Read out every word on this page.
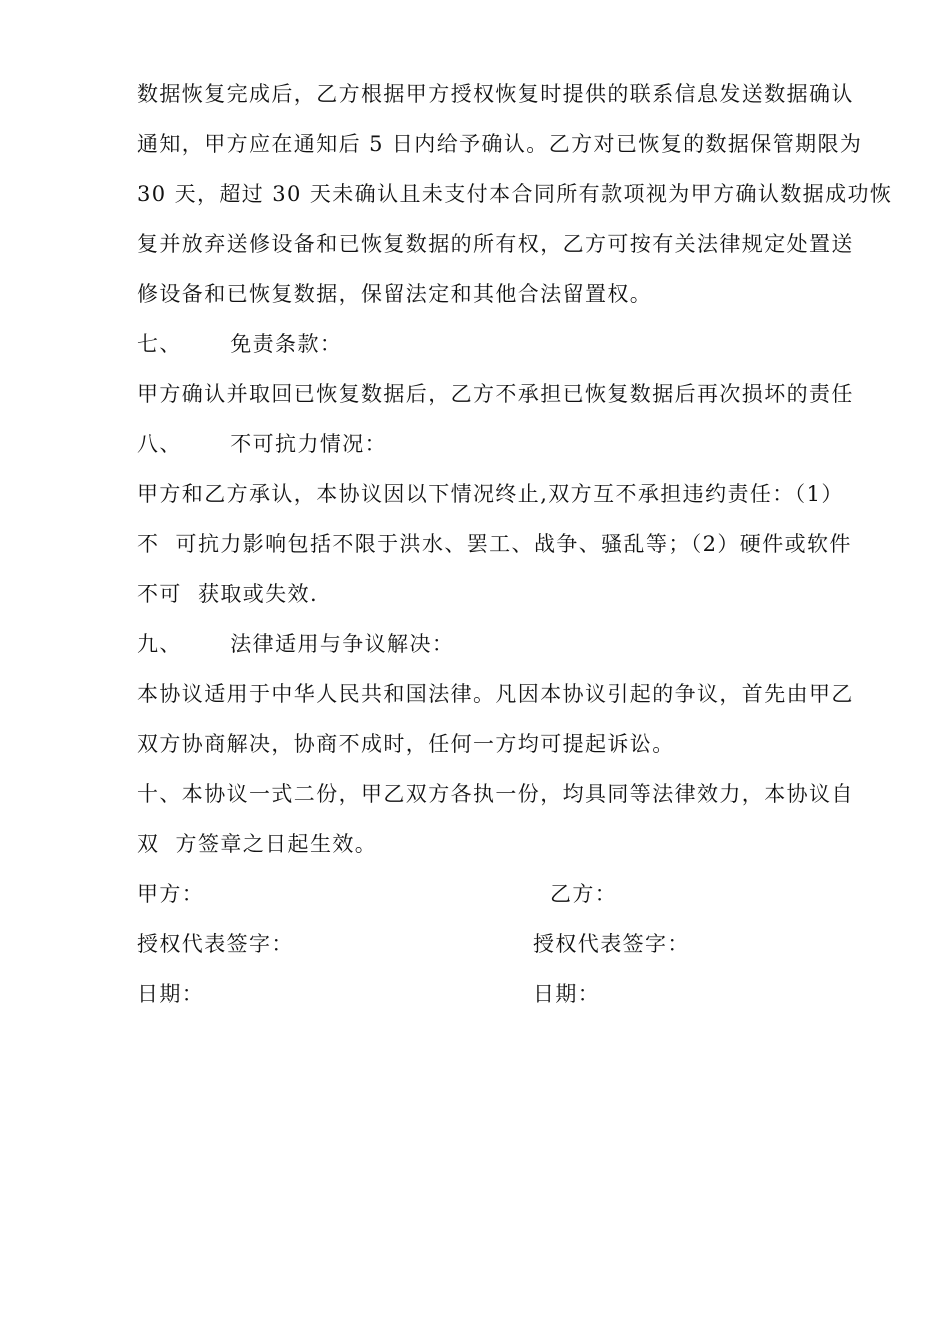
数据恢复完成后，乙方根据甲方授权恢复时提供的联系信息发送数据确认
通知，甲方应在通知后 5 日内给予确认。乙方对已恢复的数据保管期限为
30 天，超过 30 天未确认且未支付本合同所有款项视为甲方确认数据成功恢
复并放弃送修设备和已恢复数据的所有权，乙方可按有关法律规定处置送
修设备和已恢复数据，保留法定和其他合法留置权。
七、      免责条款：
甲方确认并取回已恢复数据后，乙方不承担已恢复数据后再次损坏的责任
八、      不可抗力情况：
甲方和乙方承认，本协议因以下情况终止,双方互不承担违约责任：（1）
不  可抗力影响包括不限于洪水、罢工、战争、骚乱等；（2）硬件或软件
不可  获取或失效.
九、      法律适用与争议解决：
本协议适用于中华人民共和国法律。凡因本协议引起的争议，首先由甲乙
双方协商解决，协商不成时，任何一方均可提起诉讼。
十、本协议一式二份，甲乙双方各执一份，均具同等法律效力，本协议自
双  方签章之日起生效。
甲方：	乙方：
授权代表签字：	授权代表签字：
日期：	日期：
